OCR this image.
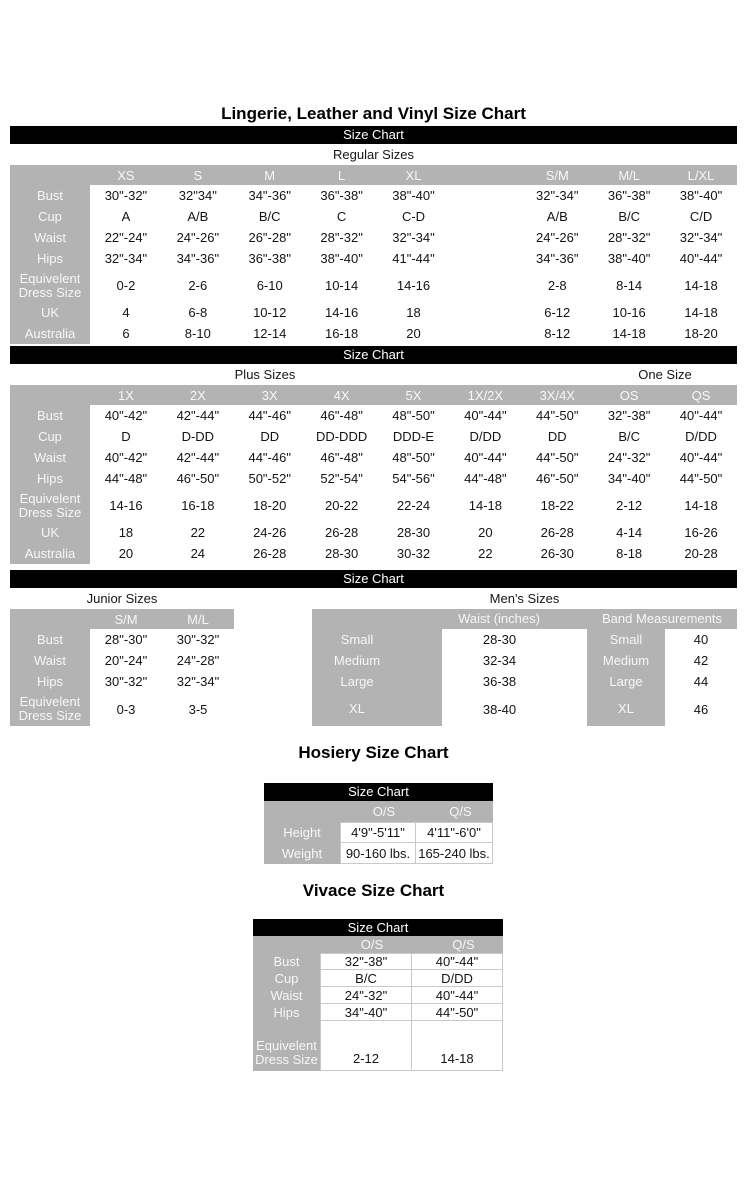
Lingerie, Leather and Vinyl Size Chart
Size Chart
Regular Sizes
XS	S	M	L	XL	S/M	M/L	L/XL
Bust	30"-32"	32"34"	34"-36"	36"-38"	38"-40"	32"-34"	36"-38"	38"-40"
Cup	A	A/B	B/C	C	C-D	A/B	B/C	C/D
Waist	22"-24"	24"-26"	26"-28"	28"-32"	32"-34"	24"-26"	28"-32"	32"-34"
Hips	32"-34"	34"-36"	36"-38"	38"-40"	41"-44"	34"-36"	38"-40"	40"-44"
Equivelent Dress Size	0-2	2-6	6-10	10-14	14-16	2-8	8-14	14-18
UK	4	6-8	10-12	14-16	18	6-12	10-16	14-18
Australia	6	8-10	12-14	16-18	20	8-12	14-18	18-20
Size Chart
Plus Sizes	One Size
1X	2X	3X	4X	5X	1X/2X	3X/4X	OS	QS
Bust	40"-42"	42"-44"	44"-46"	46"-48"	48"-50"	40"-44"	44"-50"	32"-38"	40"-44"
Cup	D	D-DD	DD	DD-DDD	DDD-E	D/DD	DD	B/C	D/DD
Waist	40"-42"	42"-44"	44"-46"	46"-48"	48"-50"	40"-44"	44"-50"	24"-32"	40"-44"
Hips	44"-48"	46"-50"	50"-52"	52"-54"	54"-56"	44"-48"	46"-50"	34"-40"	44"-50"
Equivelent Dress Size	14-16	16-18	18-20	20-22	22-24	14-18	18-22	2-12	14-18
UK	18	22	24-26	26-28	28-30	20	26-28	4-14	16-26
Australia	20	24	26-28	28-30	30-32	22	26-30	8-18	20-28
Size Chart
Junior Sizes	Men's Sizes
S/M	M/L
Bust	28"-30"	30"-32"
Waist	20"-24"	24"-28"
Hips	30"-32"	32"-34"
Equivelent Dress Size	0-3	3-5
Waist (inches)	Band Measurements
Small	28-30	Small	40
Medium	32-34	Medium	42
Large	36-38	Large	44
XL	38-40	XL	46
Hosiery Size Chart
Size Chart
O/S	Q/S
Height	4'9"-5'11"	4'11"-6'0"
Weight	90-160 lbs. 165-240 lbs.
Vivace Size Chart
Size Chart
O/S	Q/S
Bust	32"-38"	40"-44"
Cup	B/C	D/DD
Waist	24"-32"	40"-44"
Hips	34"-40"	44"-50"
Equivelent Dress Size	2-12	14-18
